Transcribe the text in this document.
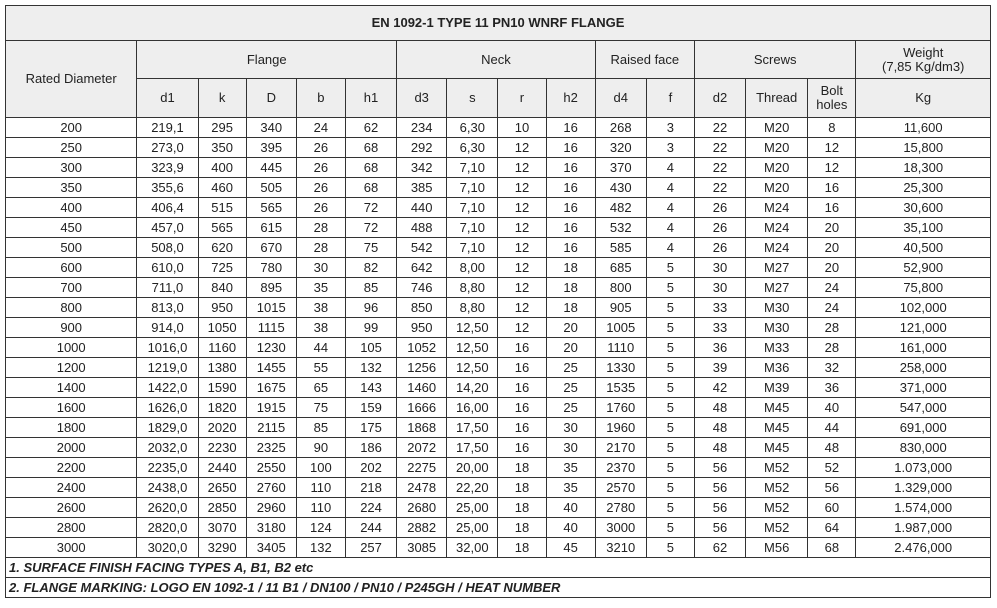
EN 1092-1 TYPE 11 PN10 WNRF FLANGE															
Rated Diameter	Flange					Neck				Raised face		Screws			Weight
(7,85 Kg/dm3)

	d1	k	D	b	h1	d3	s	r	h2	d4	f	d2	Thread	Bolt holes	Kg
200	219,1	295	340	24	62	234	6,30	10	16	268	3	22	M20	8	11,600
250	273,0	350	395	26	68	292	6,30	12	16	320	3	22	M20	12	15,800
300	323,9	400	445	26	68	342	7,10	12	16	370	4	22	M20	12	18,300
350	355,6	460	505	26	68	385	7,10	12	16	430	4	22	M20	16	25,300
400	406,4	515	565	26	72	440	7,10	12	16	482	4	26	M24	16	30,600
450	457,0	565	615	28	72	488	7,10	12	16	532	4	26	M24	20	35,100
500	508,0	620	670	28	75	542	7,10	12	16	585	4	26	M24	20	40,500
600	610,0	725	780	30	82	642	8,00	12	18	685	5	30	M27	20	52,900
700	711,0	840	895	35	85	746	8,80	12	18	800	5	30	M27	24	75,800
800	813,0	950	1015	38	96	850	8,80	12	18	905	5	33	M30	24	102,000
900	914,0	1050	1115	38	99	950	12,50	12	20	1005	5	33	M30	28	121,000
1000	1016,0	1160	1230	44	105	1052	12,50	16	20	1110	5	36	M33	28	161,000
1200	1219,0	1380	1455	55	132	1256	12,50	16	25	1330	5	39	M36	32	258,000
1400	1422,0	1590	1675	65	143	1460	14,20	16	25	1535	5	42	M39	36	371,000
1600	1626,0	1820	1915	75	159	1666	16,00	16	25	1760	5	48	M45	40	547,000
1800	1829,0	2020	2115	85	175	1868	17,50	16	30	1960	5	48	M45	44	691,000
2000	2032,0	2230	2325	90	186	2072	17,50	16	30	2170	5	48	M45	48	830,000
2200	2235,0	2440	2550	100	202	2275	20,00	18	35	2370	5	56	M52	52	1.073,000
2400	2438,0	2650	2760	110	218	2478	22,20	18	35	2570	5	56	M52	56	1.329,000
2600	2620,0	2850	2960	110	224	2680	25,00	18	40	2780	5	56	M52	60	1.574,000
2800	2820,0	3070	3180	124	244	2882	25,00	18	40	3000	5	56	M52	64	1.987,000
3000	3020,0	3290	3405	132	257	3085	32,00	18	45	3210	5	62	M56	68	2.476,000
1. SURFACE FINISH FACING TYPES A, B1, B2 etc															
2. FLANGE MARKING: LOGO EN 1092-1 / 11 B1 / DN100 / PN10 / P245GH / HEAT NUMBER															
